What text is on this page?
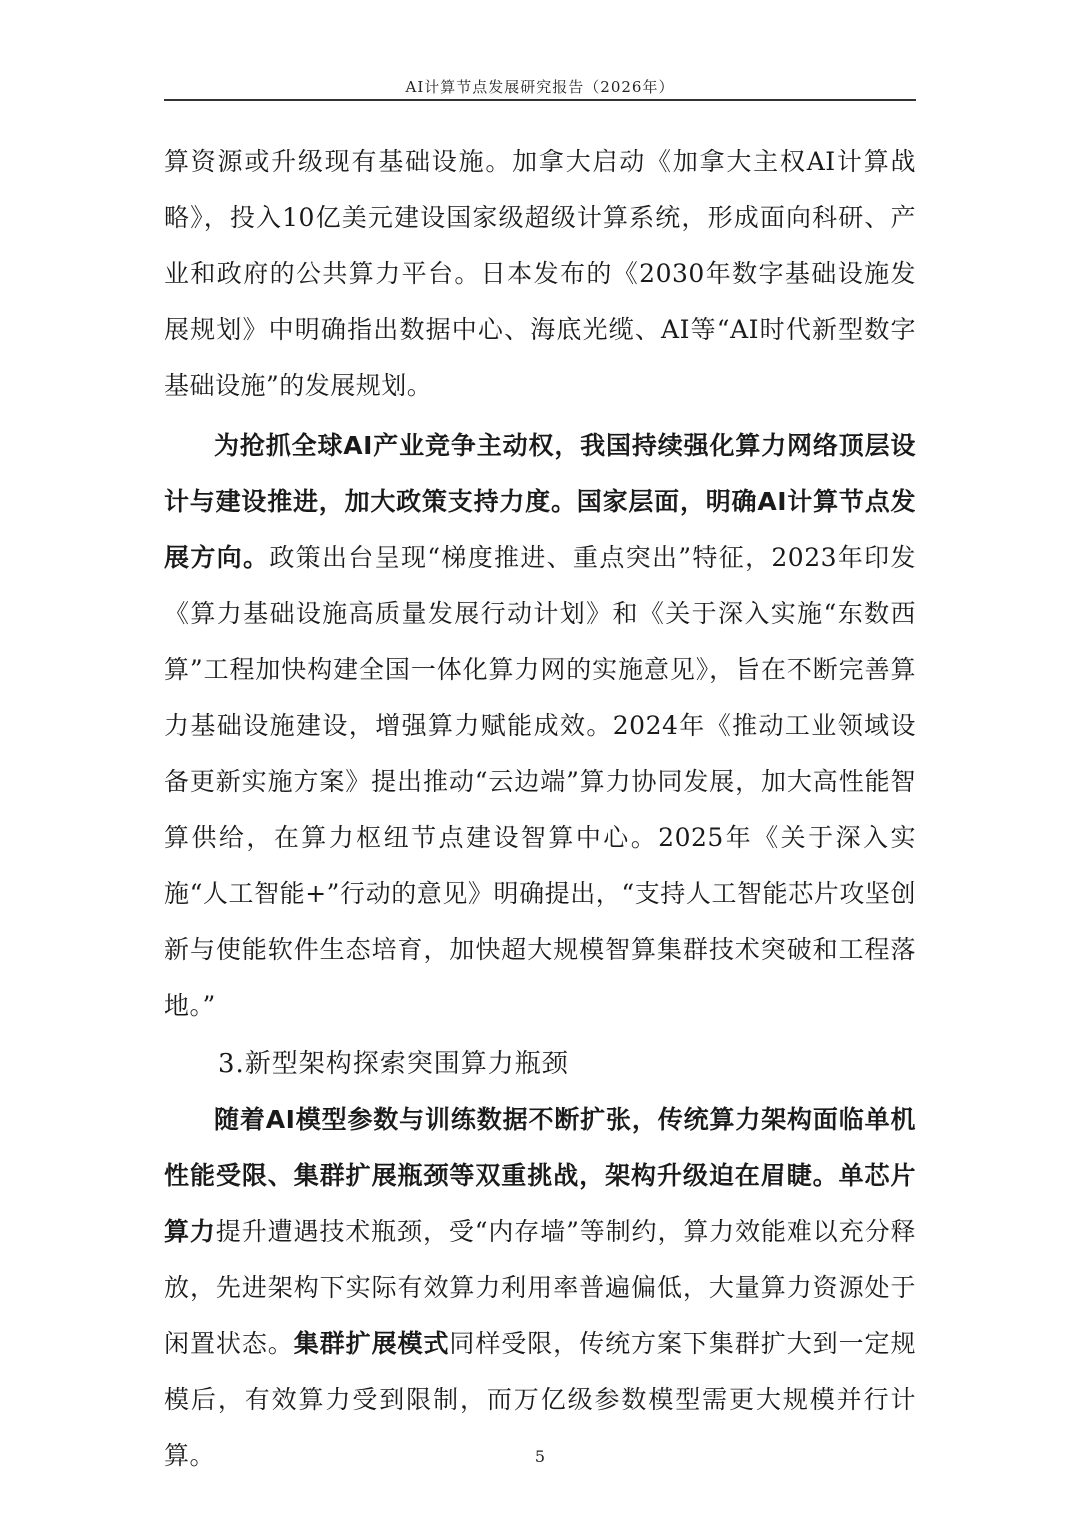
AI计算节点发展研究报告（2026年）

算资源或升级现有基础设施。加拿大启动《加拿大主权AI计算战略》，投入10亿美元建设国家级超级计算系统，形成面向科研、产业和政府的公共算力平台。日本发布的《2030年数字基础设施发展规划》中明确指出数据中心、海底光缆、AI等“AI时代新型数字基础设施”的发展规划。

为抢抓全球AI产业竞争主动权，我国持续强化算力网络顶层设计与建设推进，加大政策支持力度。国家层面，明确AI计算节点发展方向。政策出台呈现“梯度推进、重点突出”特征，2023年印发《算力基础设施高质量发展行动计划》和《关于深入实施“东数西算”工程加快构建全国一体化算力网的实施意见》，旨在不断完善算力基础设施建设，增强算力赋能成效。2024年《推动工业领域设备更新实施方案》提出推动“云边端”算力协同发展，加大高性能智算供给，在算力枢纽节点建设智算中心。2025年《关于深入实施“人工智能+”行动的意见》明确提出，“支持人工智能芯片攻坚创新与使能软件生态培育，加快超大规模智算集群技术突破和工程落地。”

3.新型架构探索突围算力瓶颈

随着AI模型参数与训练数据不断扩张，传统算力架构面临单机性能受限、集群扩展瓶颈等双重挑战，架构升级迫在眉睫。单芯片算力提升遭遇技术瓶颈，受“内存墙”等制约，算力效能难以充分释放，先进架构下实际有效算力利用率普遍偏低，大量算力资源处于闲置状态。集群扩展模式同样受限，传统方案下集群扩大到一定规模后，有效算力受到限制，而万亿级参数模型需更大规模并行计算。	5
